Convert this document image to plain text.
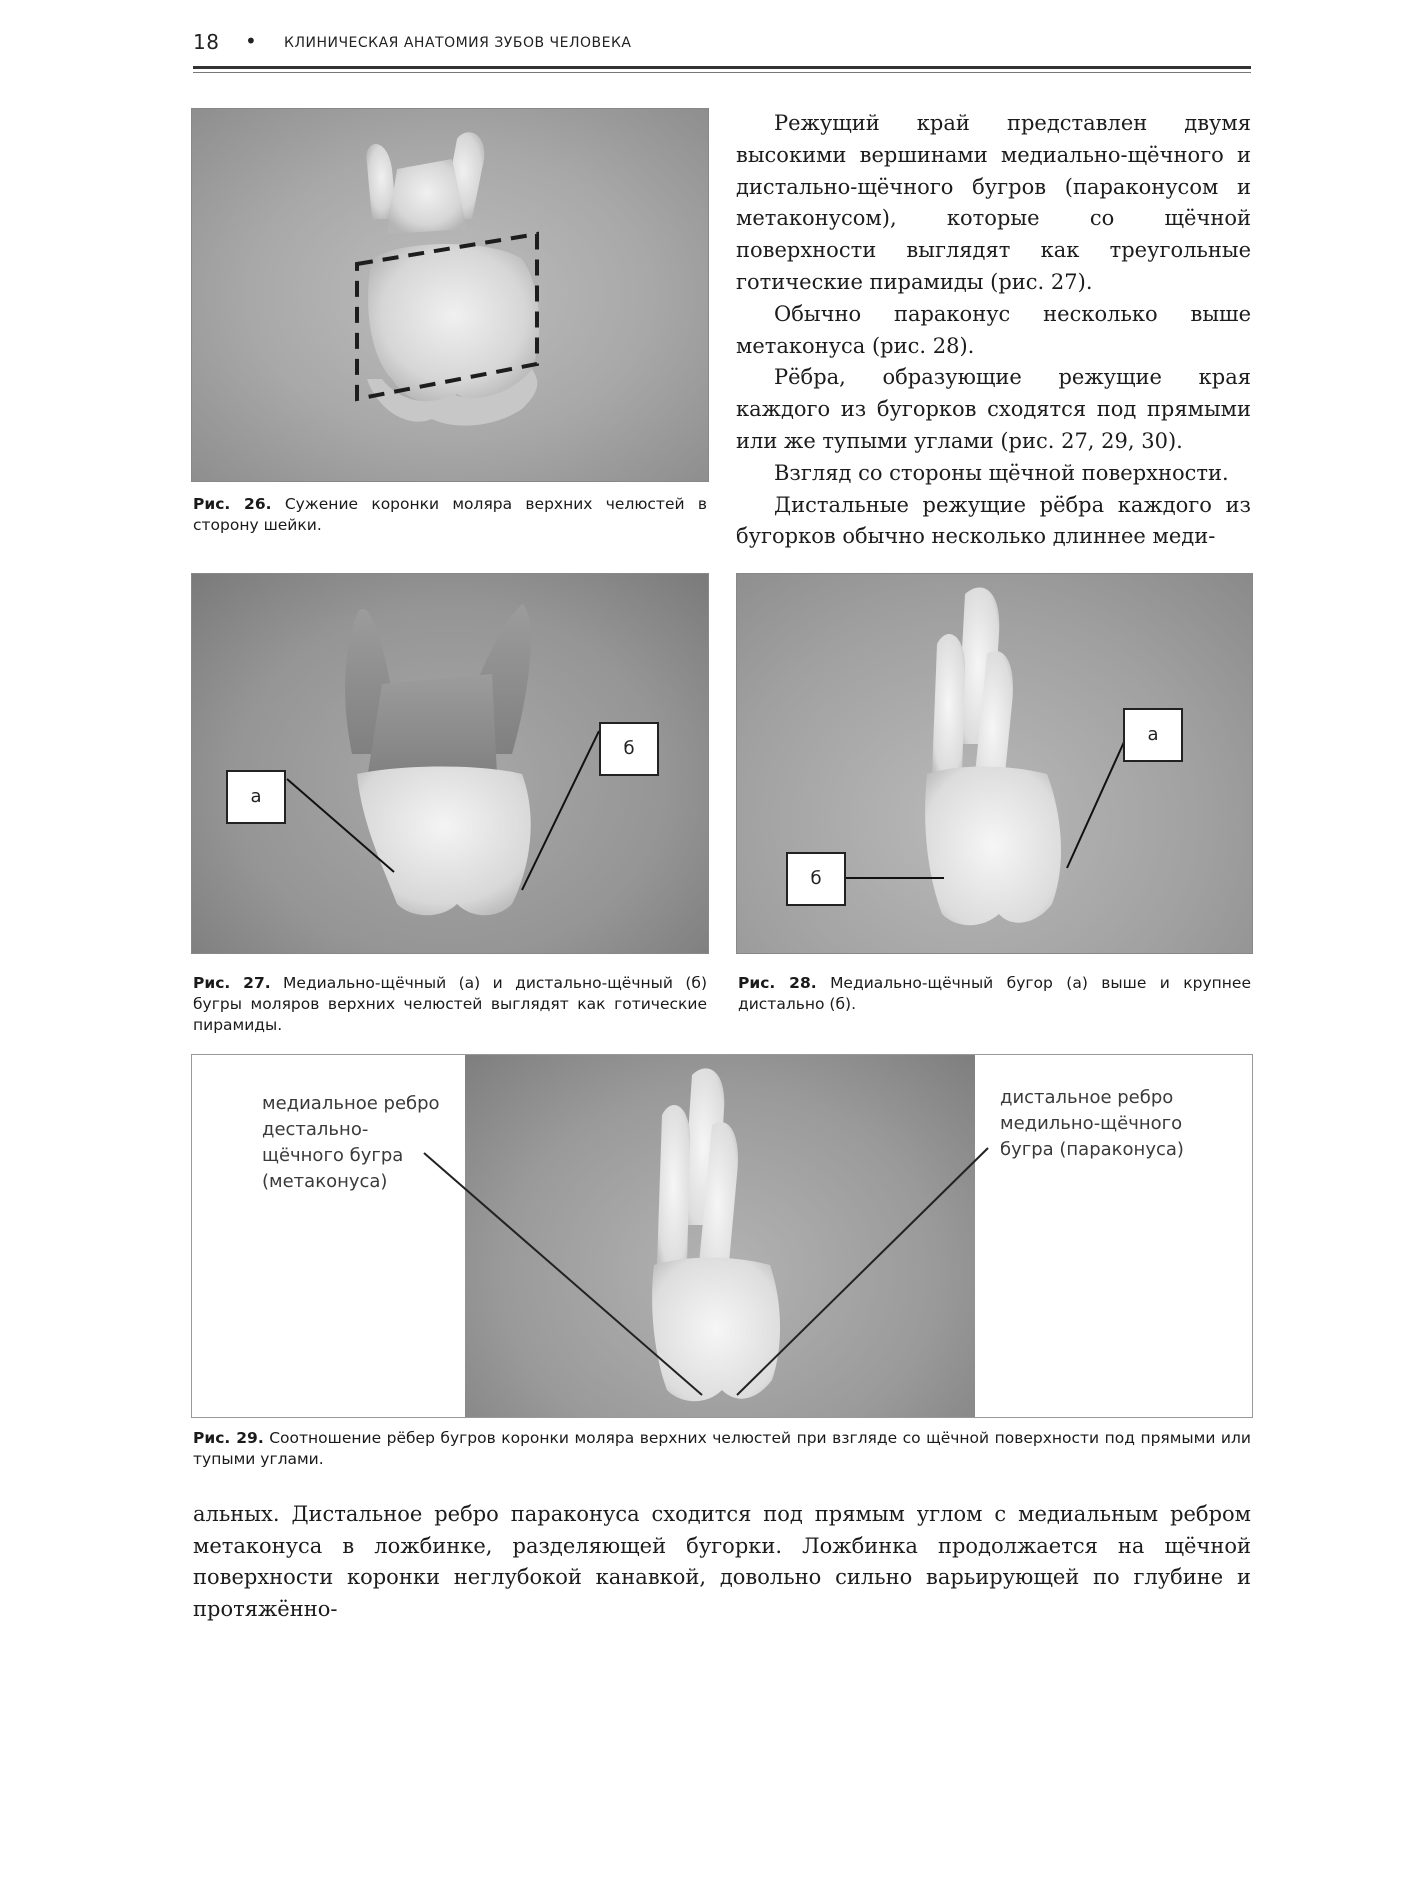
18 • КЛИНИЧЕСКАЯ АНАТОМИЯ ЗУБОВ ЧЕЛОВЕКА
Рис. 26. Сужение коронки моляра верхних челюстей в сторону шейки.

Режущий край представлен двумя высокими вершинами медиально-щёчного и дистально-щёчного бугров (параконусом и метаконусом), которые со щёчной поверхности выглядят как треугольные готические пирамиды (рис. 27).

Обычно параконус несколько выше метаконуса (рис. 28).

Рёбра, образующие режущие края каждого из бугорков сходятся под прямыми или же тупыми углами (рис. 27, 29, 30).

Взгляд со стороны щёчной поверхности.

Дистальные режущие рёбра каждого из бугорков обычно несколько длиннее меди-

а
б
Рис. 27. Медиально-щёчный (а) и дистально-щёчный (б) бугры моляров верхних челюстей выглядят как готические пирамиды.
а
б
Рис. 28. Медиально-щёчный бугор (а) выше и крупнее дистально (б).
медиальное ребро
дестально-
щёчного бугра
(метаконуса)
дистальное ребро
медильно-щёчного
бугра (параконуса)
Рис. 29. Соотношение рёбер бугров коронки моляра верхних челюстей при взгляде со щёчной поверхности под прямыми или тупыми углами.

альных. Дистальное ребро параконуса сходится под прямым углом с медиальным ребром метаконуса в ложбинке, разделяющей бугорки. Ложбинка продолжается на щёчной поверхности коронки неглубокой канавкой, довольно сильно варьирующей по глубине и протяжённо-
